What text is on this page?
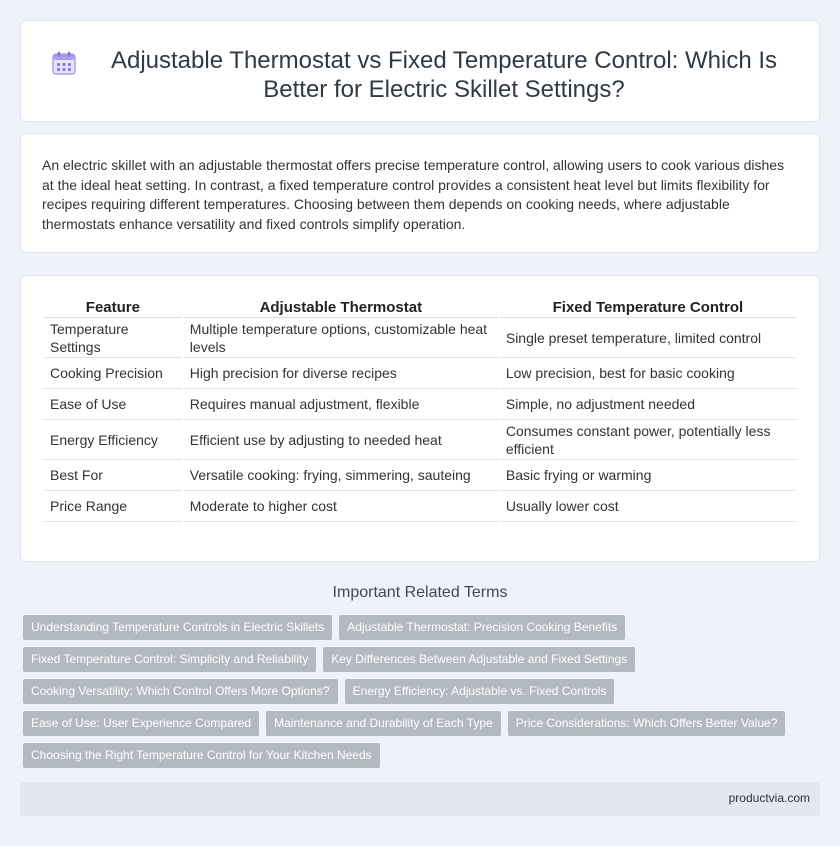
Adjustable Thermostat vs Fixed Temperature Control: Which Is Better for Electric Skillet Settings?

An electric skillet with an adjustable thermostat offers precise temperature control, allowing users to cook various dishes at the ideal heat setting. In contrast, a fixed temperature control provides a consistent heat level but limits flexibility for recipes requiring different temperatures. Choosing between them depends on cooking needs, where adjustable thermostats enhance versatility and fixed controls simplify operation.

Feature	Adjustable Thermostat	Fixed Temperature Control
Temperature Settings	Multiple temperature options, customizable heat levels	Single preset temperature, limited control
Cooking Precision	High precision for diverse recipes	Low precision, best for basic cooking
Ease of Use	Requires manual adjustment, flexible	Simple, no adjustment needed
Energy Efficiency	Efficient use by adjusting to needed heat	Consumes constant power, potentially less efficient
Best For	Versatile cooking: frying, simmering, sauteing	Basic frying or warming
Price Range	Moderate to higher cost	Usually lower cost
Important Related Terms
Understanding Temperature Controls in Electric Skillets	Adjustable Thermostat: Precision Cooking Benefits
Fixed Temperature Control: Simplicity and Reliability	Key Differences Between Adjustable and Fixed Settings
Cooking Versatility: Which Control Offers More Options?	Energy Efficiency: Adjustable vs. Fixed Controls
Ease of Use: User Experience Compared	Maintenance and Durability of Each Type	Price Considerations: Which Offers Better Value?
Choosing the Right Temperature Control for Your Kitchen Needs
productvia.com
